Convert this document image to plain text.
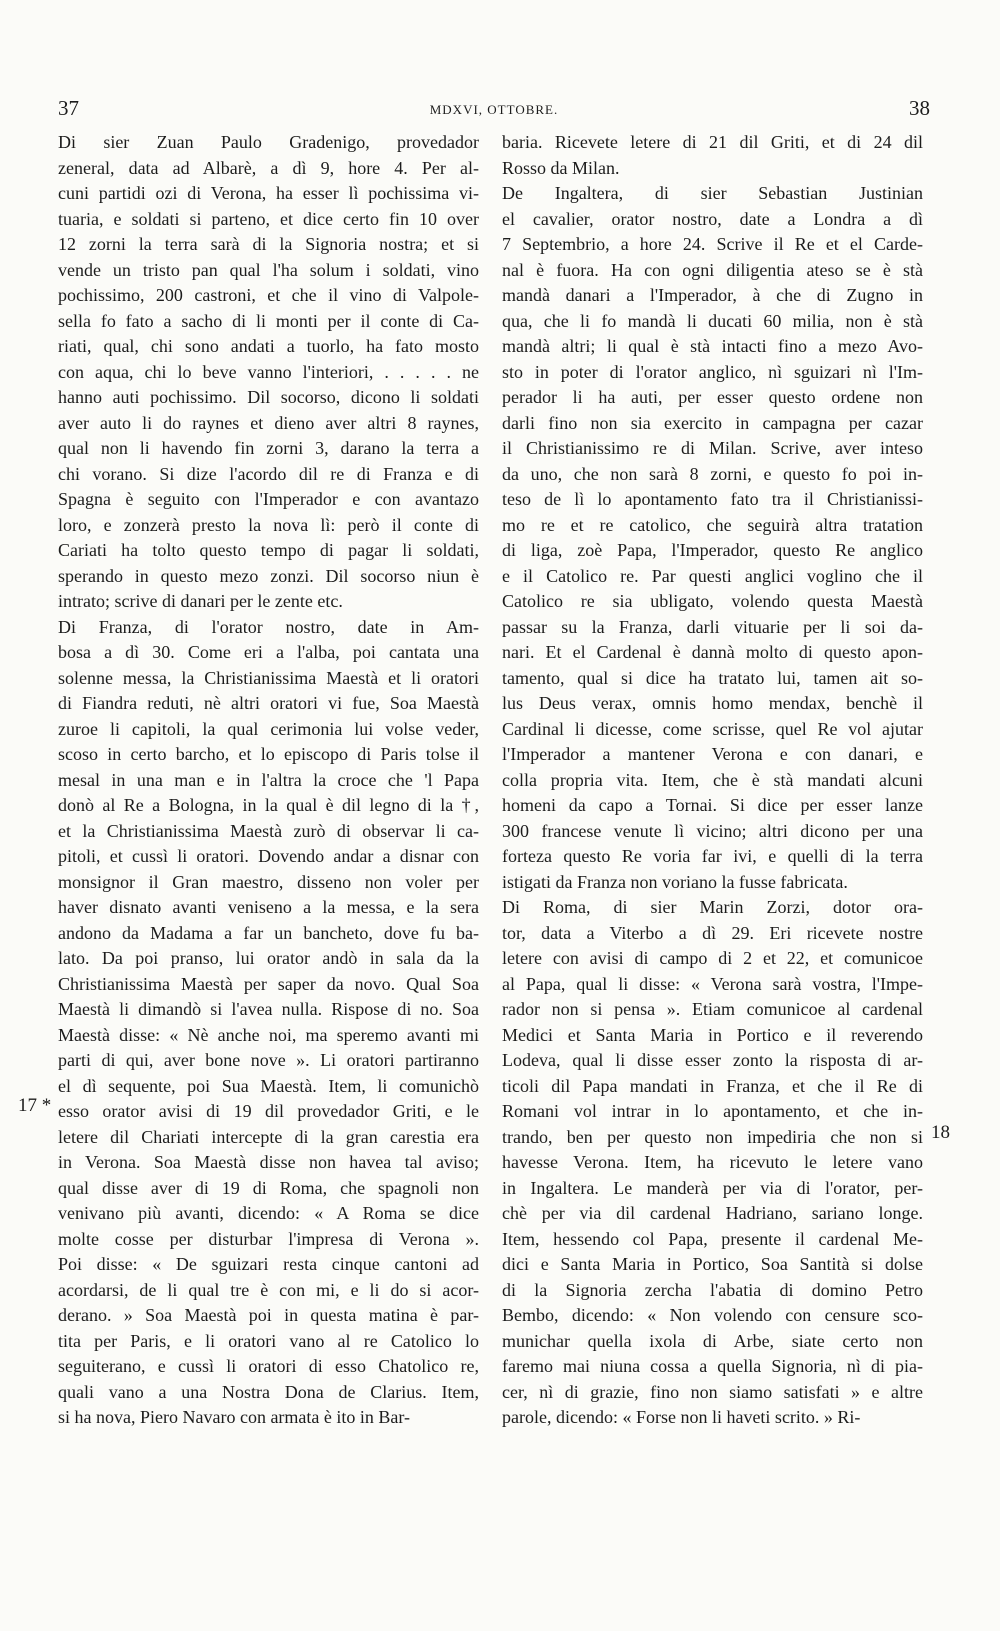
37	MDXVI, OTTOBRE.	38
17 *
18
Di sier Zuan Paulo Gradenigo, provedador
zeneral, data ad Albarè, a dì 9, hore 4. Per al-
cuni partidi ozi di Verona, ha esser lì pochissima vi-
tuaria, e soldati si parteno, et dice certo fin 10 over
12 zorni la terra sarà di la Signoria nostra; et si
vende un tristo pan qual l'ha solum i soldati, vino
pochissimo, 200 castroni, et che il vino di Valpole-
sella fo fato a sacho di li monti per il conte di Ca-
riati, qual, chi sono andati a tuorlo, ha fato mosto
con aqua, chi lo beve vanno l'interiori, . . . . . ne
hanno auti pochissimo. Dil socorso, dicono li soldati
aver auto li do raynes et dieno aver altri 8 raynes,
qual non li havendo fin zorni 3, darano la terra a
chi vorano. Si dize l'acordo dil re di Franza e di
Spagna è seguito con l'Imperador e con avantazo
loro, e zonzerà presto la nova lì: però il conte di
Cariati ha tolto questo tempo di pagar li soldati,
sperando in questo mezo zonzi. Dil socorso niun è
intrato; scrive di danari per le zente etc.
Di Franza, di l'orator nostro, date in Am-
bosa a dì 30. Come eri a l'alba, poi cantata una
solenne messa, la Christianissima Maestà et li oratori
di Fiandra reduti, nè altri oratori vi fue, Soa Maestà
zuroe li capitoli, la qual cerimonia lui volse veder,
scoso in certo barcho, et lo episcopo di Paris tolse il
mesal in una man e in l'altra la croce che 'l Papa
donò al Re a Bologna, in la qual è dil legno di la †,
et la Christianissima Maestà zurò di observar li ca-
pitoli, et cussì li oratori. Dovendo andar a disnar con
monsignor il Gran maestro, disseno non voler per
haver disnato avanti veniseno a la messa, e la sera
andono da Madama a far un bancheto, dove fu ba-
lato. Da poi pranso, lui orator andò in sala da la
Christianissima Maestà per saper da novo. Qual Soa
Maestà li dimandò si l'avea nulla. Rispose di no. Soa
Maestà disse: « Nè anche noi, ma speremo avanti mi
parti di qui, aver bone nove ». Li oratori partiranno
el dì sequente, poi Sua Maestà. Item, li comunichò
esso orator avisi di 19 dil provedador Griti, e le
letere dil Chariati intercepte di la gran carestia era
in Verona. Soa Maestà disse non havea tal aviso;
qual disse aver di 19 di Roma, che spagnoli non
venivano più avanti, dicendo: « A Roma se dice
molte cosse per disturbar l'impresa di Verona ».
Poi disse: « De sguizari resta cinque cantoni ad
acordarsi, de li qual tre è con mi, e li do si acor-
derano. » Soa Maestà poi in questa matina è par-
tita per Paris, e li oratori vano al re Catolico lo
seguiterano, e cussì li oratori di esso Chatolico re,
quali vano a una Nostra Dona de Clarius. Item,
si ha nova, Piero Navaro con armata è ito in Bar-
baria. Ricevete letere di 21 dil Griti, et di 24 dil
Rosso da Milan.
De Ingaltera, di sier Sebastian Justinian
el cavalier, orator nostro, date a Londra a dì
7 Septembrio, a hore 24. Scrive il Re et el Carde-
nal è fuora. Ha con ogni diligentia ateso se è stà
mandà danari a l'Imperador, à che di Zugno in
qua, che li fo mandà li ducati 60 milia, non è stà
mandà altri; li qual è stà intacti fino a mezo Avo-
sto in poter di l'orator anglico, nì sguizari nì l'Im-
perador li ha auti, per esser questo ordene non
darli fino non sia exercito in campagna per cazar
il Christianissimo re di Milan. Scrive, aver inteso
da uno, che non sarà 8 zorni, e questo fo poi in-
teso de lì lo apontamento fato tra il Christianissi-
mo re et re catolico, che seguirà altra tratation
di liga, zoè Papa, l'Imperador, questo Re anglico
e il Catolico re. Par questi anglici voglino che il
Catolico re sia ubligato, volendo questa Maestà
passar su la Franza, darli vituarie per li soi da-
nari. Et el Cardenal è dannà molto di questo apon-
tamento, qual si dice ha tratato lui, tamen ait so-
lus Deus verax, omnis homo mendax, benchè il
Cardinal li dicesse, come scrisse, quel Re vol ajutar
l'Imperador a mantener Verona e con danari, e
colla propria vita. Item, che è stà mandati alcuni
homeni da capo a Tornai. Si dice per esser lanze
300 francese venute lì vicino; altri dicono per una
forteza questo Re voria far ivi, e quelli di la terra
istigati da Franza non voriano la fusse fabricata.
Di Roma, di sier Marin Zorzi, dotor ora-
tor, data a Viterbo a dì 29. Eri ricevete nostre
letere con avisi di campo di 2 et 22, et comunicoe
al Papa, qual li disse: « Verona sarà vostra, l'Impe-
rador non si pensa ». Etiam comunicoe al cardenal
Medici et Santa Maria in Portico e il reverendo
Lodeva, qual li disse esser zonto la risposta di ar-
ticoli dil Papa mandati in Franza, et che il Re di
Romani vol intrar in lo apontamento, et che in-
trando, ben per questo non impediria che non si
havesse Verona. Item, ha ricevuto le letere vano
in Ingaltera. Le manderà per via di l'orator, per-
chè per via dil cardenal Hadriano, sariano longe.
Item, hessendo col Papa, presente il cardenal Me-
dici e Santa Maria in Portico, Soa Santità si dolse
di la Signoria zercha l'abatia di domino Petro
Bembo, dicendo: « Non volendo con censure sco-
munichar quella ixola di Arbe, siate certo non
faremo mai niuna cossa a quella Signoria, nì di pia-
cer, nì di grazie, fino non siamo satisfati » e altre
parole, dicendo: « Forse non li haveti scrito. » Ri-
